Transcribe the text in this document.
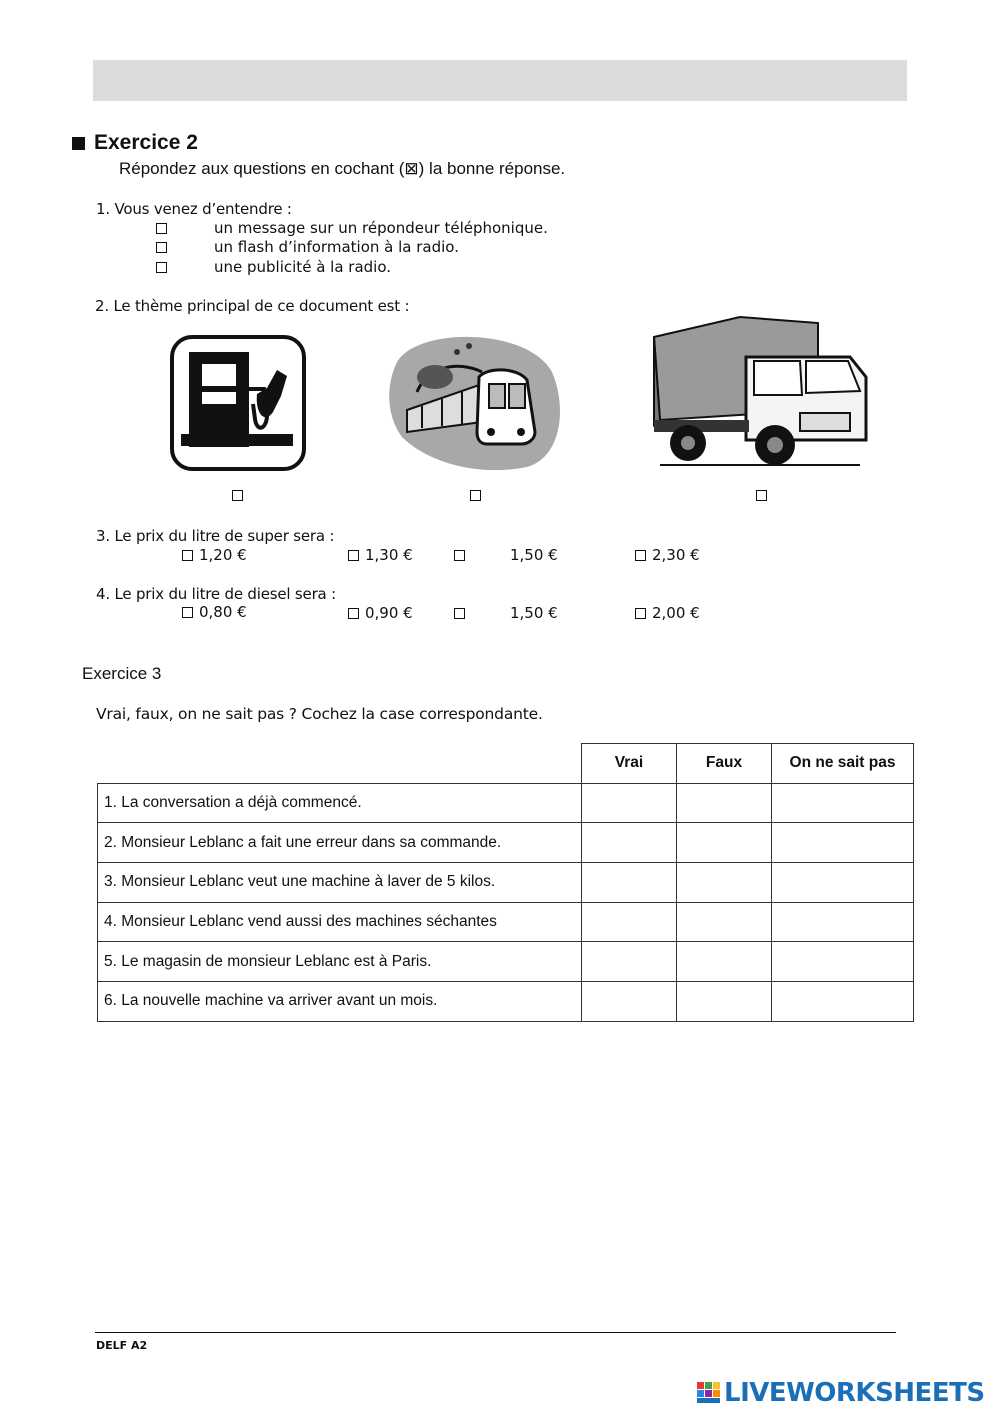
Exercice 2
Répondez aux questions en cochant (⊠) la bonne réponse.
1. Vous venez d’entendre :
un message sur un répondeur téléphonique.
un flash d’information à la radio.
une publicité à la radio.
2. Le thème principal de ce document est :
3. Le prix du litre de super sera :
1,20 €	1,30 €	1,50 €	2,30 €
4. Le prix du litre de diesel sera :
0,80 €	0,90 €	1,50 €	2,00 €
Exercice 3
Vrai, faux, on ne sait pas ? Cochez la case correspondante.
	Vrai	Faux	On ne sait pas
1. La conversation a déjà commencé.			
2. Monsieur Leblanc a fait une erreur dans sa commande.			
3. Monsieur Leblanc veut une machine à laver de 5 kilos.			
4. Monsieur Leblanc vend aussi des machines séchantes			
5. Le magasin de monsieur Leblanc est à Paris.			
6. La nouvelle machine va arriver avant un mois.			
DELF A2
LIVEWORKSHEETS
